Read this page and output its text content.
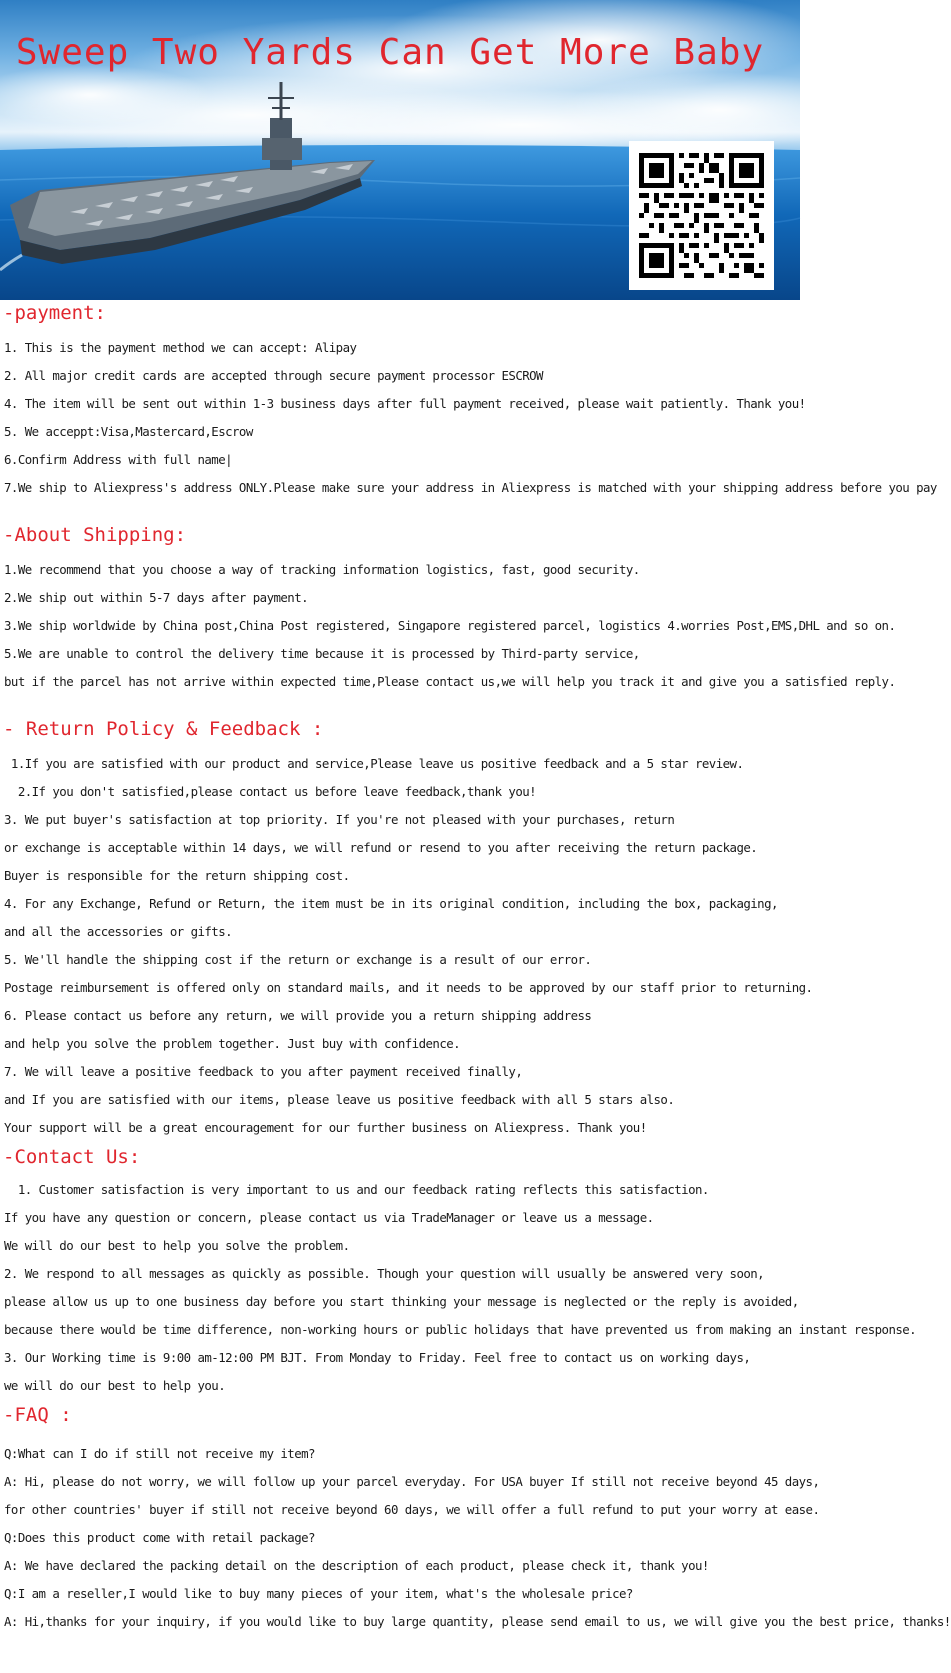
Sweep Two Yards Can Get More Baby

-payment:

1. This is the payment method we can accept: Alipay

2. All major credit cards are accepted through secure payment processor ESCROW

4. The item will be sent out within 1-3 business days after full payment received, please wait patiently. Thank you!

5. We acceppt:Visa,Mastercard,Escrow

6.Confirm Address with full name|

7.We ship to Aliexpress's address ONLY.Please make sure your address in Aliexpress is matched with your shipping address before you pay

-About Shipping:

1.We recommend that you choose a way of tracking information logistics, fast, good security.

2.We ship out within 5-7 days after payment.

3.We ship worldwide by China post,China Post registered, Singapore registered parcel, logistics 4.worries Post,EMS,DHL and so on.

5.We are unable to control the delivery time because it is processed by Third-party service,

but if the parcel has not arrive within expected time,Please contact us,we will help you track it and give you a satisfied reply.

- Return Policy & Feedback :

1.If you are satisfied with our product and service,Please leave us positive feedback and a 5 star review.

2.If you don't satisfied,please contact us before leave feedback,thank you!

3. We put buyer's satisfaction at top priority. If you're not pleased with your purchases, return

or exchange is acceptable within 14 days, we will refund or resend to you after receiving the return package.

Buyer is responsible for the return shipping cost.

4. For any Exchange, Refund or Return, the item must be in its original condition, including the box, packaging,

and all the accessories or gifts.

5. We'll handle the shipping cost if the return or exchange is a result of our error.

Postage reimbursement is offered only on standard mails, and it needs to be approved by our staff prior to returning.

6. Please contact us before any return, we will provide you a return shipping address

and help you solve the problem together. Just buy with confidence.

7. We will leave a positive feedback to you after payment received finally,

and If you are satisfied with our items, please leave us positive feedback with all 5 stars also.

Your support will be a great encouragement for our further business on Aliexpress. Thank you!

-Contact Us:

1. Customer satisfaction is very important to us and our feedback rating reflects this satisfaction.

If you have any question or concern, please contact us via TradeManager or leave us a message.

We will do our best to help you solve the problem.

2. We respond to all messages as quickly as possible. Though your question will usually be answered very soon,

please allow us up to one business day before you start thinking your message is neglected or the reply is avoided,

because there would be time difference, non-working hours or public holidays that have prevented us from making an instant response.

3. Our Working time is 9:00 am-12:00 PM BJT. From Monday to Friday. Feel free to contact us on working days,

we will do our best to help you.

-FAQ :

Q:What can I do if still not receive my item?

A: Hi, please do not worry, we will follow up your parcel everyday. For USA buyer If still not receive beyond 45 days,

for other countries' buyer if still not receive beyond 60 days, we will offer a full refund to put your worry at ease.

Q:Does this product come with retail package?

A: We have declared the packing detail on the description of each product, please check it, thank you!

Q:I am a reseller,I would like to buy many pieces of your item, what's the wholesale price?

A: Hi,thanks for your inquiry, if you would like to buy large quantity, please send email to us, we will give you the best price, thanks!
